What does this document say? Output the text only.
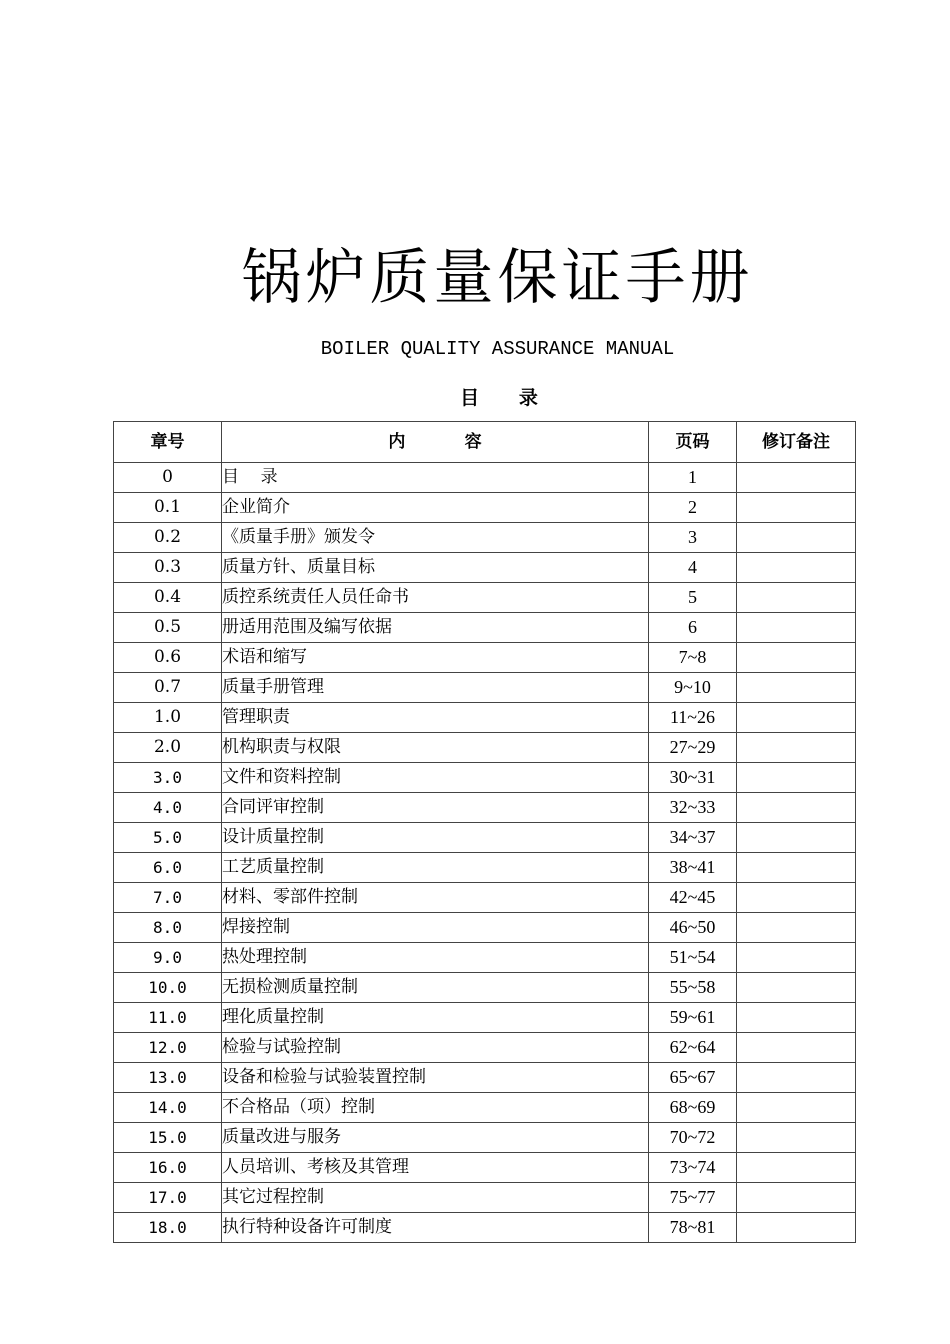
锅炉质量保证手册
BOILER QUALITY ASSURANCE MANUAL
目      录
章号	内          容	页码	修订备注
0	目    录	1	
0.1	企业简介	2	
0.2	《质量手册》颁发令	3	
0.3	质量方针、质量目标	4	
0.4	质控系统责任人员任命书	5	
0.5	册适用范围及编写依据	6	
0.6	术语和缩写	7~8	
0.7	质量手册管理	9~10	
1.0	管理职责	11~26	
2.0	机构职责与权限	27~29	
3.0	文件和资料控制	30~31	
4.0	合同评审控制	32~33	
5.0	设计质量控制	34~37	
6.0	工艺质量控制	38~41	
7.0	材料、零部件控制	42~45	
8.0	焊接控制	46~50	
9.0	热处理控制	51~54	
10.0	无损检测质量控制	55~58	
11.0	理化质量控制	59~61	
12.0	检验与试验控制	62~64	
13.0	设备和检验与试验装置控制	65~67	
14.0	不合格品（项）控制	68~69	
15.0	质量改进与服务	70~72	
16.0	人员培训、考核及其管理	73~74	
17.0	其它过程控制	75~77	
18.0	执行特种设备许可制度	78~81	
